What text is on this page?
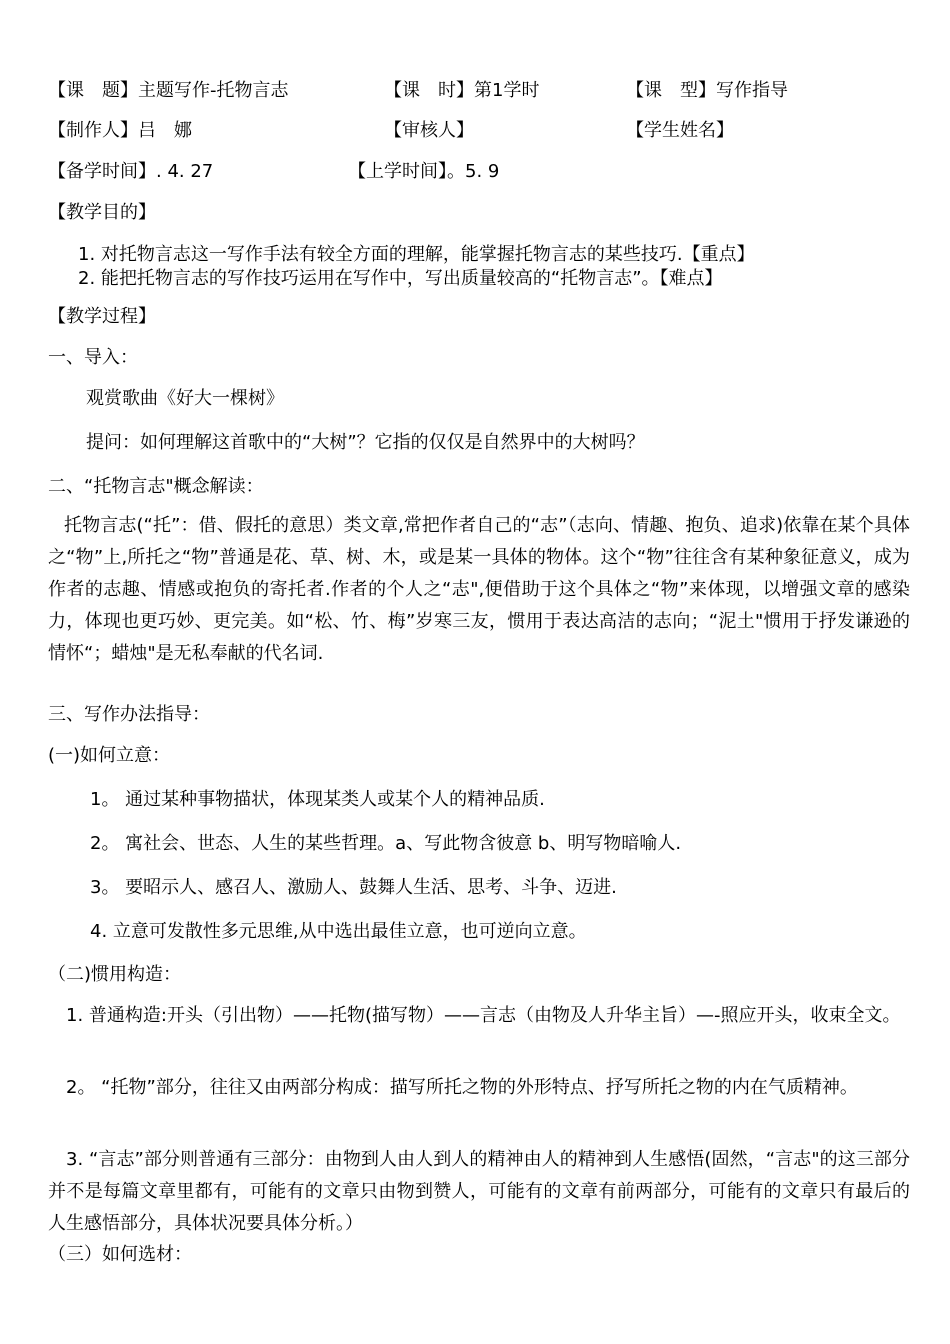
【课　题】主题写作-托物言志	【课　时】第1学时	【课　型】写作指导
【制作人】吕　娜	【审核人】	【学生姓名】
【备学时间】. 4. 27	【上学时间】。5. 9
【教学目的】
1. 对托物言志这一写作手法有较全方面的理解，能掌握托物言志的某些技巧.【重点】
2. 能把托物言志的写作技巧运用在写作中，写出质量较高的“托物言志”。【难点】
【教学过程】
一、导入：
观赏歌曲《好大一棵树》
提问：如何理解这首歌中的“大树”？它指的仅仅是自然界中的大树吗？
二、“托物言志"概念解读：
托物言志(“托”：借、假托的意思）类文章,常把作者自己的“志”（志向、情趣、抱负、追求)依靠在某个具体之“物”上,所托之“物”普通是花、草、树、木，或是某一具体的物体。这个“物”往往含有某种象征意义，成为作者的志趣、情感或抱负的寄托者.作者的个人之“志",便借助于这个具体之“物”来体现，以增强文章的感染力，体现也更巧妙、更完美。如“松、竹、梅”岁寒三友，惯用于表达高洁的志向；“泥土"惯用于抒发谦逊的情怀“；蜡烛"是无私奉献的代名词.
三、写作办法指导：
(一)如何立意：
1。 通过某种事物描状，体现某类人或某个人的精神品质.
2。 寓社会、世态、人生的某些哲理。a、写此物含彼意 b、明写物暗喻人.
3。 要昭示人、感召人、激励人、鼓舞人生活、思考、斗争、迈进.
4. 立意可发散性多元思维,从中选出最佳立意，也可逆向立意。
（二)惯用构造：
1. 普通构造:开头（引出物）——托物(描写物）——言志（由物及人升华主旨）—-照应开头，收束全文。
2。 “托物”部分，往往又由两部分构成：描写所托之物的外形特点、抒写所托之物的内在气质精神。
3. “言志”部分则普通有三部分：由物到人由人到人的精神由人的精神到人生感悟(固然，“言志"的这三部分并不是每篇文章里都有，可能有的文章只由物到赞人，可能有的文章有前两部分，可能有的文章只有最后的人生感悟部分，具体状况要具体分析。）
（三）如何选材：
